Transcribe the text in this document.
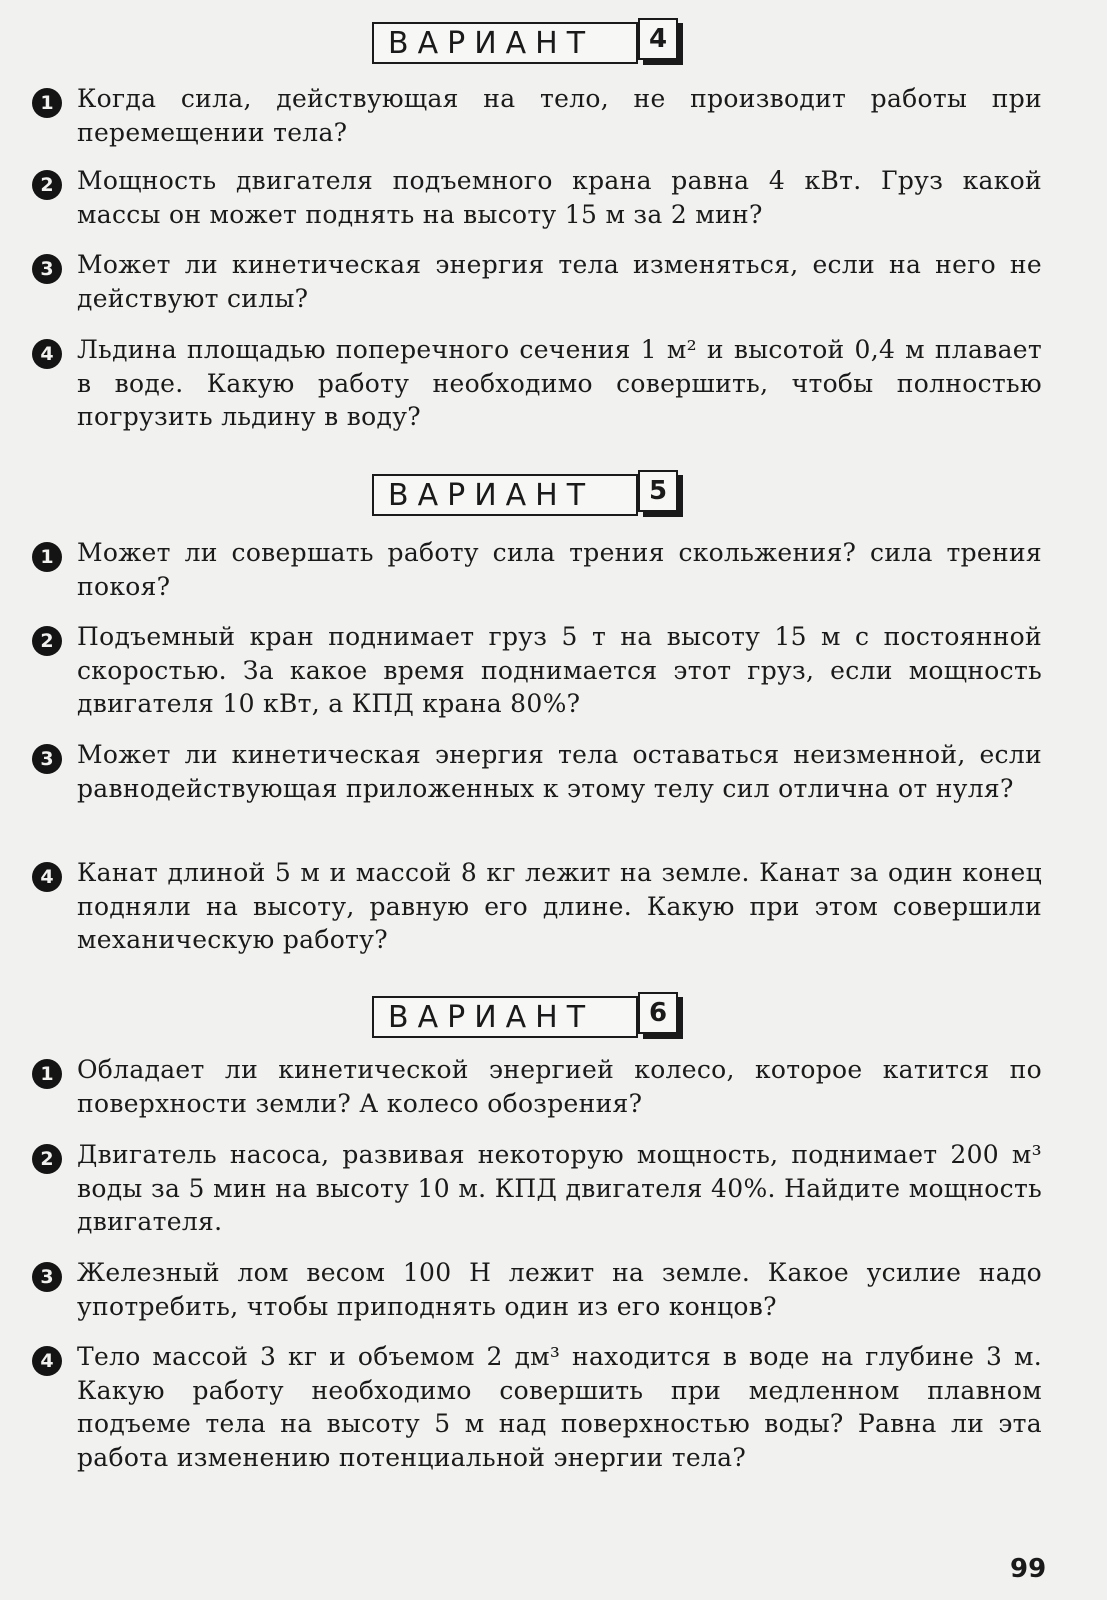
ВАРИАНТ	4
1 Когда сила, действующая на тело, не производит работы при перемещении тела?
2 Мощность двигателя подъемного крана равна 4 кВт. Груз какой массы он может поднять на высоту 15 м за 2 мин?
3 Может ли кинетическая энергия тела изменяться, если на него не действуют силы?
4 Льдина площадью поперечного сечения 1 м² и высотой 0,4 м плавает в воде. Какую работу необходимо совершить, чтобы полностью погрузить льдину в воду?
ВАРИАНТ	5
1 Может ли совершать работу сила трения скольжения? сила трения покоя?
2 Подъемный кран поднимает груз 5 т на высоту 15 м с постоянной скоростью. За какое время поднимается этот груз, если мощность двигателя 10 кВт, а КПД крана 80%?
3 Может ли кинетическая энергия тела оставаться неизменной, если равнодействующая приложенных к этому телу сил отлична от нуля?
4 Канат длиной 5 м и массой 8 кг лежит на земле. Канат за один конец подняли на высоту, равную его длине. Какую при этом совершили механическую работу?
ВАРИАНТ	6
1 Обладает ли кинетической энергией колесо, которое катится по поверхности земли? А колесо обозрения?
2 Двигатель насоса, развивая некоторую мощность, поднимает 200 м³ воды за 5 мин на высоту 10 м. КПД двигателя 40%. Найдите мощность двигателя.
3 Железный лом весом 100 Н лежит на земле. Какое усилие надо употребить, чтобы приподнять один из его концов?
4 Тело массой 3 кг и объемом 2 дм³ находится в воде на глубине 3 м. Какую работу необходимо совершить при медленном плавном подъеме тела на высоту 5 м над поверхностью воды? Равна ли эта работа изменению потенциальной энергии тела?
99
